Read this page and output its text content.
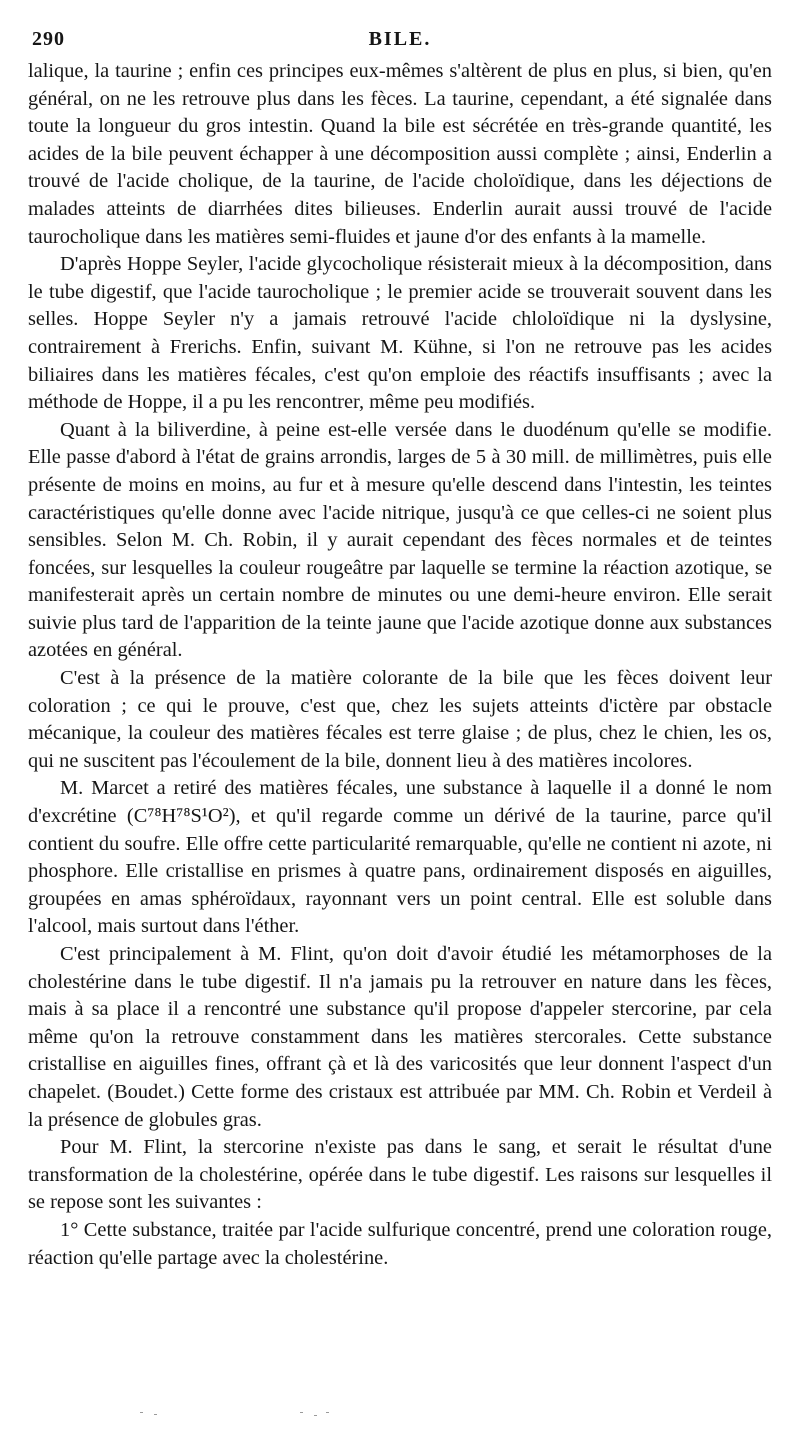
290	BILE.

lalique, la taurine ; enfin ces principes eux-mêmes s'altèrent de plus en plus, si bien, qu'en général, on ne les retrouve plus dans les fèces. La taurine, cependant, a été signalée dans toute la longueur du gros intestin. Quand la bile est sécrétée en très-grande quantité, les acides de la bile peuvent échapper à une décomposition aussi complète ; ainsi, Enderlin a trouvé de l'acide cholique, de la taurine, de l'acide choloïdique, dans les déjections de malades atteints de diarrhées dites bilieuses. Enderlin aurait aussi trouvé de l'acide taurocholique dans les matières semi-fluides et jaune d'or des enfants à la mamelle.

D'après Hoppe Seyler, l'acide glycocholique résisterait mieux à la décomposition, dans le tube digestif, que l'acide taurocholique ; le premier acide se trouverait souvent dans les selles. Hoppe Seyler n'y a jamais retrouvé l'acide chloloïdique ni la dyslysine, contrairement à Frerichs. Enfin, suivant M. Kühne, si l'on ne retrouve pas les acides biliaires dans les matières fécales, c'est qu'on emploie des réactifs insuffisants ; avec la méthode de Hoppe, il a pu les rencontrer, même peu modifiés.

Quant à la biliverdine, à peine est-elle versée dans le duodénum qu'elle se modifie. Elle passe d'abord à l'état de grains arrondis, larges de 5 à 30 mill. de millimètres, puis elle présente de moins en moins, au fur et à mesure qu'elle descend dans l'intestin, les teintes caractéristiques qu'elle donne avec l'acide nitrique, jusqu'à ce que celles-ci ne soient plus sensibles. Selon M. Ch. Robin, il y aurait cependant des fèces normales et de teintes foncées, sur lesquelles la couleur rougeâtre par laquelle se termine la réaction azotique, se manifesterait après un certain nombre de minutes ou une demi-heure environ. Elle serait suivie plus tard de l'apparition de la teinte jaune que l'acide azotique donne aux substances azotées en général.

C'est à la présence de la matière colorante de la bile que les fèces doivent leur coloration ; ce qui le prouve, c'est que, chez les sujets atteints d'ictère par obstacle mécanique, la couleur des matières fécales est terre glaise ; de plus, chez le chien, les os, qui ne suscitent pas l'écoulement de la bile, donnent lieu à des matières incolores.

M. Marcet a retiré des matières fécales, une substance à laquelle il a donné le nom d'excrétine (C⁷⁸H⁷⁸S¹O²), et qu'il regarde comme un dérivé de la taurine, parce qu'il contient du soufre. Elle offre cette particularité remarquable, qu'elle ne contient ni azote, ni phosphore. Elle cristallise en prismes à quatre pans, ordinairement disposés en aiguilles, groupées en amas sphéroïdaux, rayonnant vers un point central. Elle est soluble dans l'alcool, mais surtout dans l'éther.

C'est principalement à M. Flint, qu'on doit d'avoir étudié les métamorphoses de la cholestérine dans le tube digestif. Il n'a jamais pu la retrouver en nature dans les fèces, mais à sa place il a rencontré une substance qu'il propose d'appeler stercorine, par cela même qu'on la retrouve constamment dans les matières stercorales. Cette substance cristallise en aiguilles fines, offrant çà et là des varicosités que leur donnent l'aspect d'un chapelet. (Boudet.) Cette forme des cristaux est attribuée par MM. Ch. Robin et Verdeil à la présence de globules gras.

Pour M. Flint, la stercorine n'existe pas dans le sang, et serait le résultat d'une transformation de la cholestérine, opérée dans le tube digestif. Les raisons sur lesquelles il se repose sont les suivantes :

1° Cette substance, traitée par l'acide sulfurique concentré, prend une coloration rouge, réaction qu'elle partage avec la cholestérine.
